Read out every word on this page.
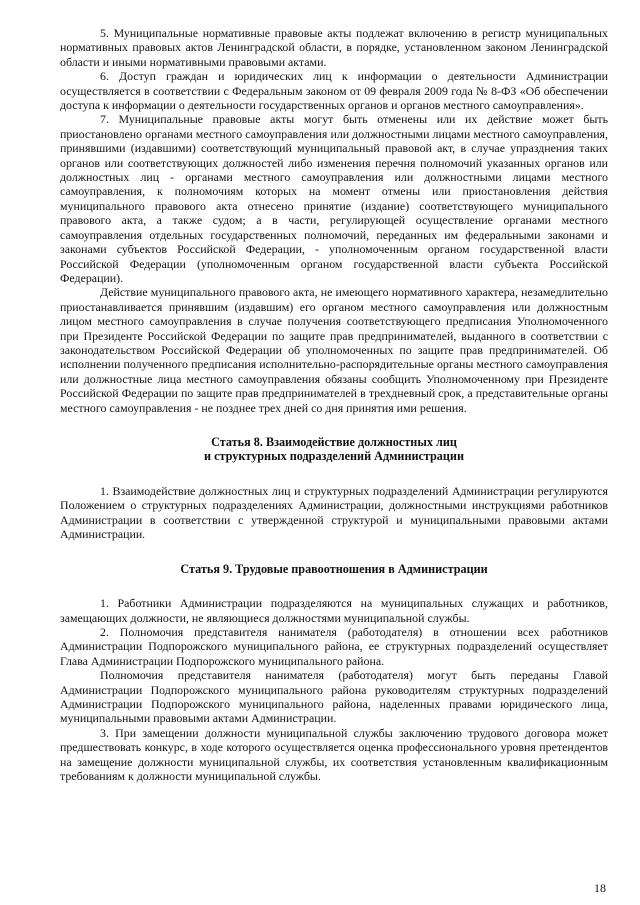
5. Муниципальные нормативные правовые акты подлежат включению в регистр муниципальных нормативных правовых актов Ленинградской области, в порядке, установленном законом Ленинградской области и иными нормативными правовыми актами.

6. Доступ граждан и юридических лиц к информации о деятельности Администрации осуществляется в соответствии с Федеральным законом от 09 февраля 2009 года № 8-ФЗ «Об обеспечении доступа к информации о деятельности государственных органов и органов местного самоуправления».

7. Муниципальные правовые акты могут быть отменены или их действие может быть приостановлено органами местного самоуправления или должностными лицами местного самоуправления, принявшими (издавшими) соответствующий муниципальный правовой акт, в случае упразднения таких органов или соответствующих должностей либо изменения перечня полномочий указанных органов или должностных лиц - органами местного самоуправления или должностными лицами местного самоуправления, к полномочиям которых на момент отмены или приостановления действия муниципального правового акта отнесено принятие (издание) соответствующего муниципального правового акта, а также судом; а в части, регулирующей осуществление органами местного самоуправления отдельных государственных полномочий, переданных им федеральными законами и законами субъектов Российской Федерации, - уполномоченным органом государственной власти Российской Федерации (уполномоченным органом государственной власти субъекта Российской Федерации).

Действие муниципального правового акта, не имеющего нормативного характера, незамедлительно приостанавливается принявшим (издавшим) его органом местного самоуправления или должностным лицом местного самоуправления в случае получения соответствующего предписания Уполномоченного при Президенте Российской Федерации по защите прав предпринимателей, выданного в соответствии с законодательством Российской Федерации об уполномоченных по защите прав предпринимателей. Об исполнении полученного предписания исполнительно-распорядительные органы местного самоуправления или должностные лица местного самоуправления обязаны сообщить Уполномоченному при Президенте Российской Федерации по защите прав предпринимателей в трехдневный срок, а представительные органы местного самоуправления - не позднее трех дней со дня принятия ими решения.

Статья 8. Взаимодействие должностных лиц
и структурных подразделений Администрации

1. Взаимодействие должностных лиц и структурных подразделений Администрации регулируются Положением о структурных подразделениях Администрации, должностными инструкциями работников Администрации в соответствии с утвержденной структурой и муниципальными правовыми актами Администрации.

Статья 9. Трудовые правоотношения в Администрации

1. Работники Администрации подразделяются на муниципальных служащих и работников, замещающих должности, не являющиеся должностями муниципальной службы.

2. Полномочия представителя нанимателя (работодателя) в отношении всех работников Администрации Подпорожского муниципального района, ее структурных подразделений осуществляет Глава Администрации Подпорожского муниципального района.

Полномочия представителя нанимателя (работодателя) могут быть переданы Главой Администрации Подпорожского муниципального района руководителям структурных подразделений Администрации Подпорожского муниципального района, наделенных правами юридического лица, муниципальными правовыми актами Администрации.

3. При замещении должности муниципальной службы заключению трудового договора может предшествовать конкурс, в ходе которого осуществляется оценка профессионального уровня претендентов на замещение должности муниципальной службы, их соответствия установленным квалификационным требованиям к должности муниципальной службы.

18
